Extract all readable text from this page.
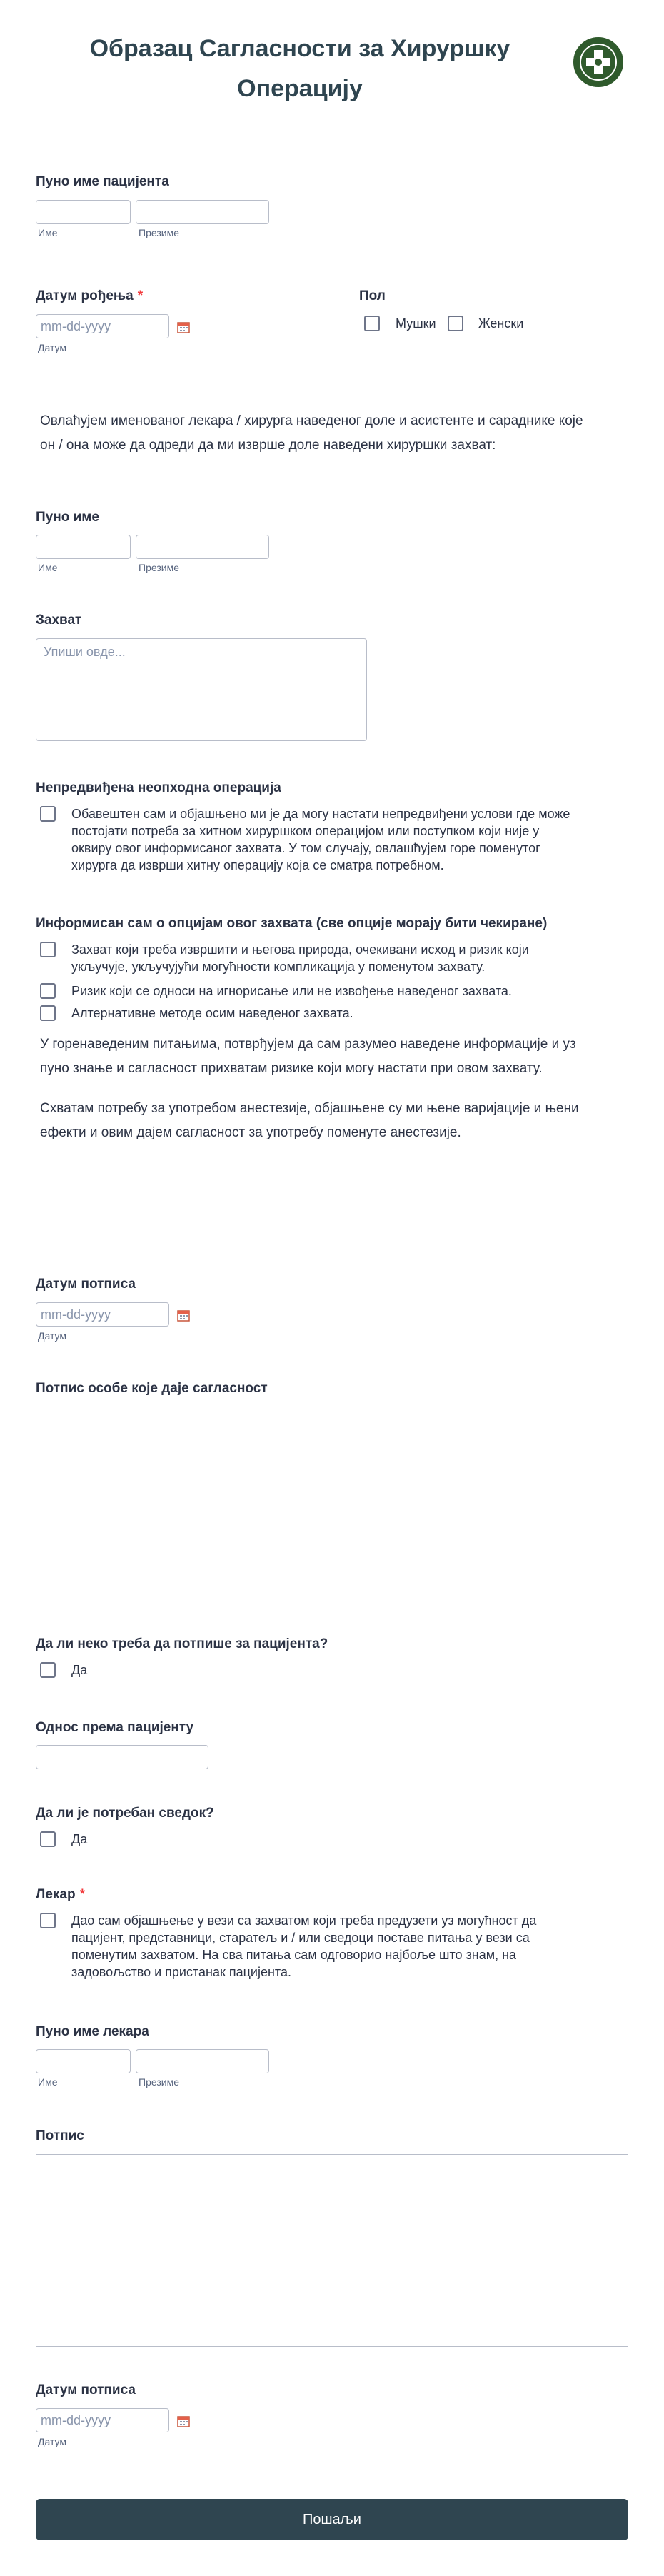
Образац Сагласности за Хируршку
Операцију
Пуно име пацијента
Име	Презиме
Датум рођења *
mm-dd-yyyy
Датум
Пол
Мушки	Женски
Овлаћујем именованог лекара / хирурга наведеног доле и асистенте и сараднике које
он / она може да одреди да ми изврше доле наведени хируршки захват:
Пуно име
Име	Презиме
Захват
Упиши овде...
Непредвиђена неопходна операција
Обавештен сам и објашњено ми је да могу настати непредвиђени услови где може
постојати потреба за хитном хируршком операцијом или поступком који није у
оквиру овог информисаног захвата. У том случају, овлашћујем горе поменутог
хирурга да изврши хитну операцију која се сматра потребном.
Информисан сам о опцијам овог захвата (све опције морају бити чекиране)
Захват који треба извршити и његова природа, очекивани исход и ризик који
укључује, укључујући могућности компликација у поменутом захвату.
Ризик који се односи на игнорисање или не извођење наведеног захвата.
Алтернативне методе осим наведеног захвата.
У горенаведеним питањима, потврђујем да сам разумео наведене информације и уз
пуно знање и сагласност прихватам ризике који могу настати при овом захвату.
Схватам потребу за употребом анестезије, објашњене су ми њене варијације и њени
ефекти и овим дајем сагласност за употребу поменуте анестезије.
Датум потписа
mm-dd-yyyy
Датум
Потпис особе које даје сагласност
Да ли неко треба да потпише за пацијента?
Да
Однос према пацијенту
Да ли је потребан сведок?
Да
Лекар *
Дао сам објашњење у вези са захватом који треба предузети уз могућност да
пацијент, представници, старатељ и / или сведоци поставе питања у вези са
поменутим захватом. На сва питања сам одговорио најбоље што знам, на
задовољство и пристанак пацијента.
Пуно име лекара
Име	Презиме
Потпис
Датум потписа
mm-dd-yyyy
Датум
Пошаљи
